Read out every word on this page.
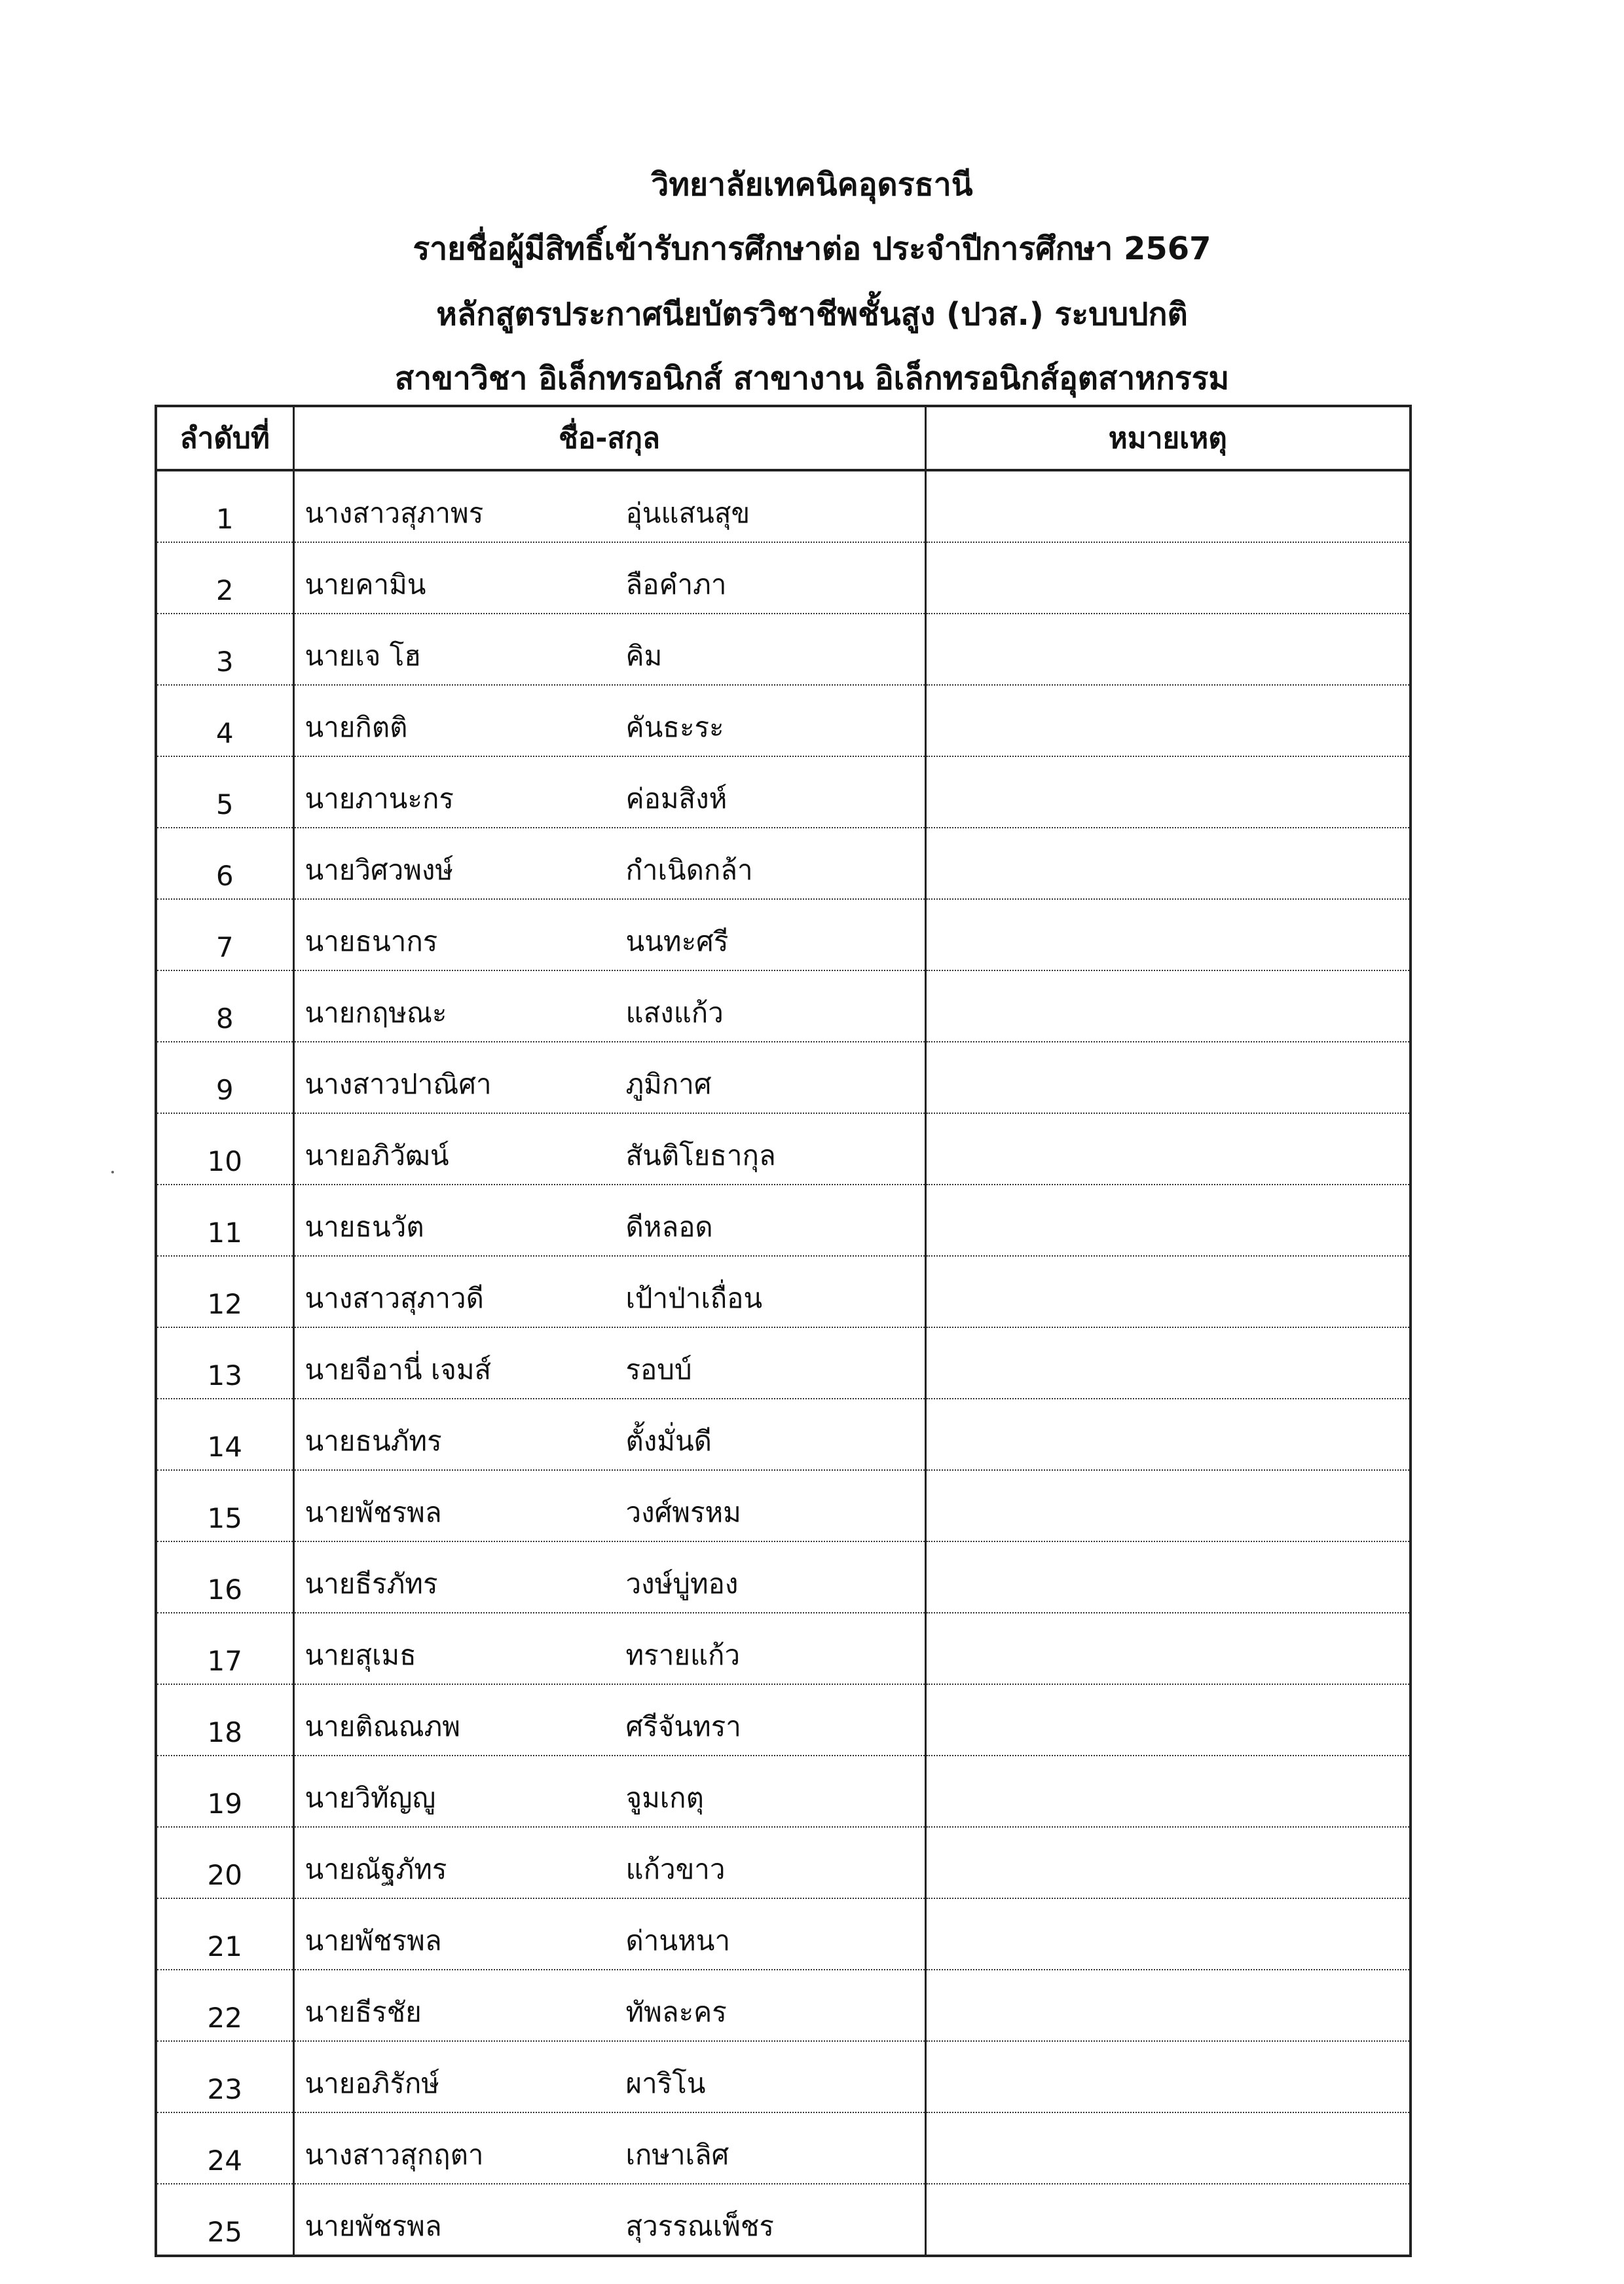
วิทยาลัยเทคนิคอุดรธานี
รายชื่อผู้มีสิทธิ์เข้ารับการศึกษาต่อ ประจำปีการศึกษา 2567
หลักสูตรประกาศนียบัตรวิชาชีพชั้นสูง (ปวส.) ระบบปกติ
สาขาวิชา อิเล็กทรอนิกส์ สาขางาน อิเล็กทรอนิกส์อุตสาหกรรม
ลำดับที่	ชื่อ-สกุล	หมายเหตุ
1	นางสาวสุภาพร อุ่นแสนสุข	
2	นายคามิน ลือคำภา	
3	นายเจ โฮ คิม	
4	นายกิตติ คันธะระ	
5	นายภานะกร ค่อมสิงห์	
6	นายวิศวพงษ์ กำเนิดกล้า	
7	นายธนากร นนทะศรี	
8	นายกฤษณะ แสงแก้ว	
9	นางสาวปาณิศา ภูมิกาศ	
10	นายอภิวัฒน์ สันติโยธากุล	
11	นายธนวัต ดีหลอด	
12	นางสาวสุภาวดี เป้าป่าเถื่อน	
13	นายจีอานี่ เจมส์ รอบบ์	
14	นายธนภัทร ตั้งมั่นดี	
15	นายพัชรพล วงศ์พรหม	
16	นายธีรภัทร วงษ์บู่ทอง	
17	นายสุเมธ ทรายแก้ว	
18	นายติณณภพ ศรีจันทรา	
19	นายวิทัญญู จูมเกตุ	
20	นายณัฐภัทร แก้วขาว	
21	นายพัชรพล ด่านหนา	
22	นายธีรชัย ทัพละคร	
23	นายอภิรักษ์ ผาริโน	
24	นางสาวสุกฤตา เกษาเลิศ	
25	นายพัชรพล สุวรรณเพ็ชร	
